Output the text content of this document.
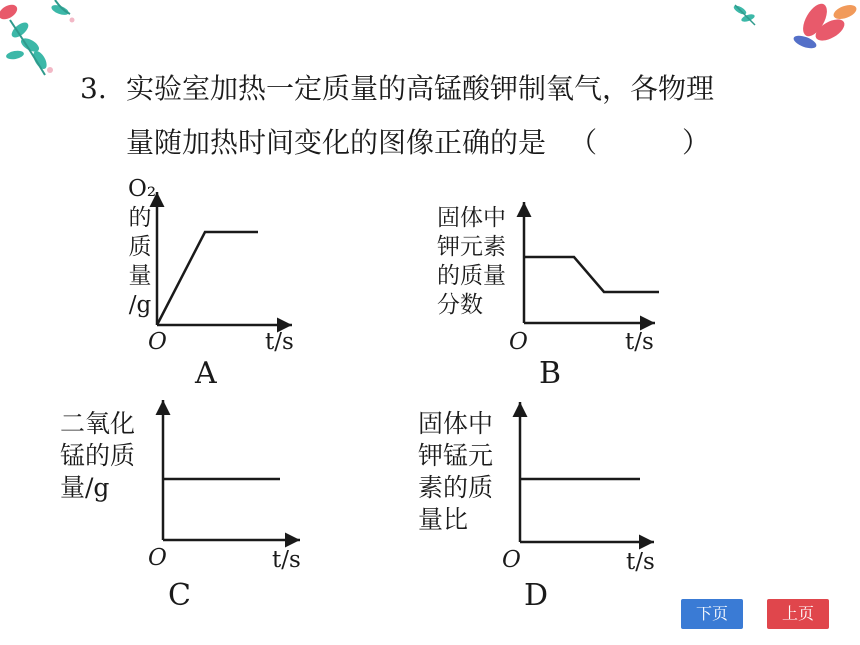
3. 实验室加热一定质量的高锰酸钾制氧气，各物理
量随加热时间变化的图像正确的是 （ ）
O₂
的
质
量
/g
O	t/s
A
固体中
钾元素
的质量
分数
O	t/s
B
二氧化
锰的质
量/g
O	t/s
C
固体中
钾锰元
素的质
量比
O	t/s
D
下页	上页
